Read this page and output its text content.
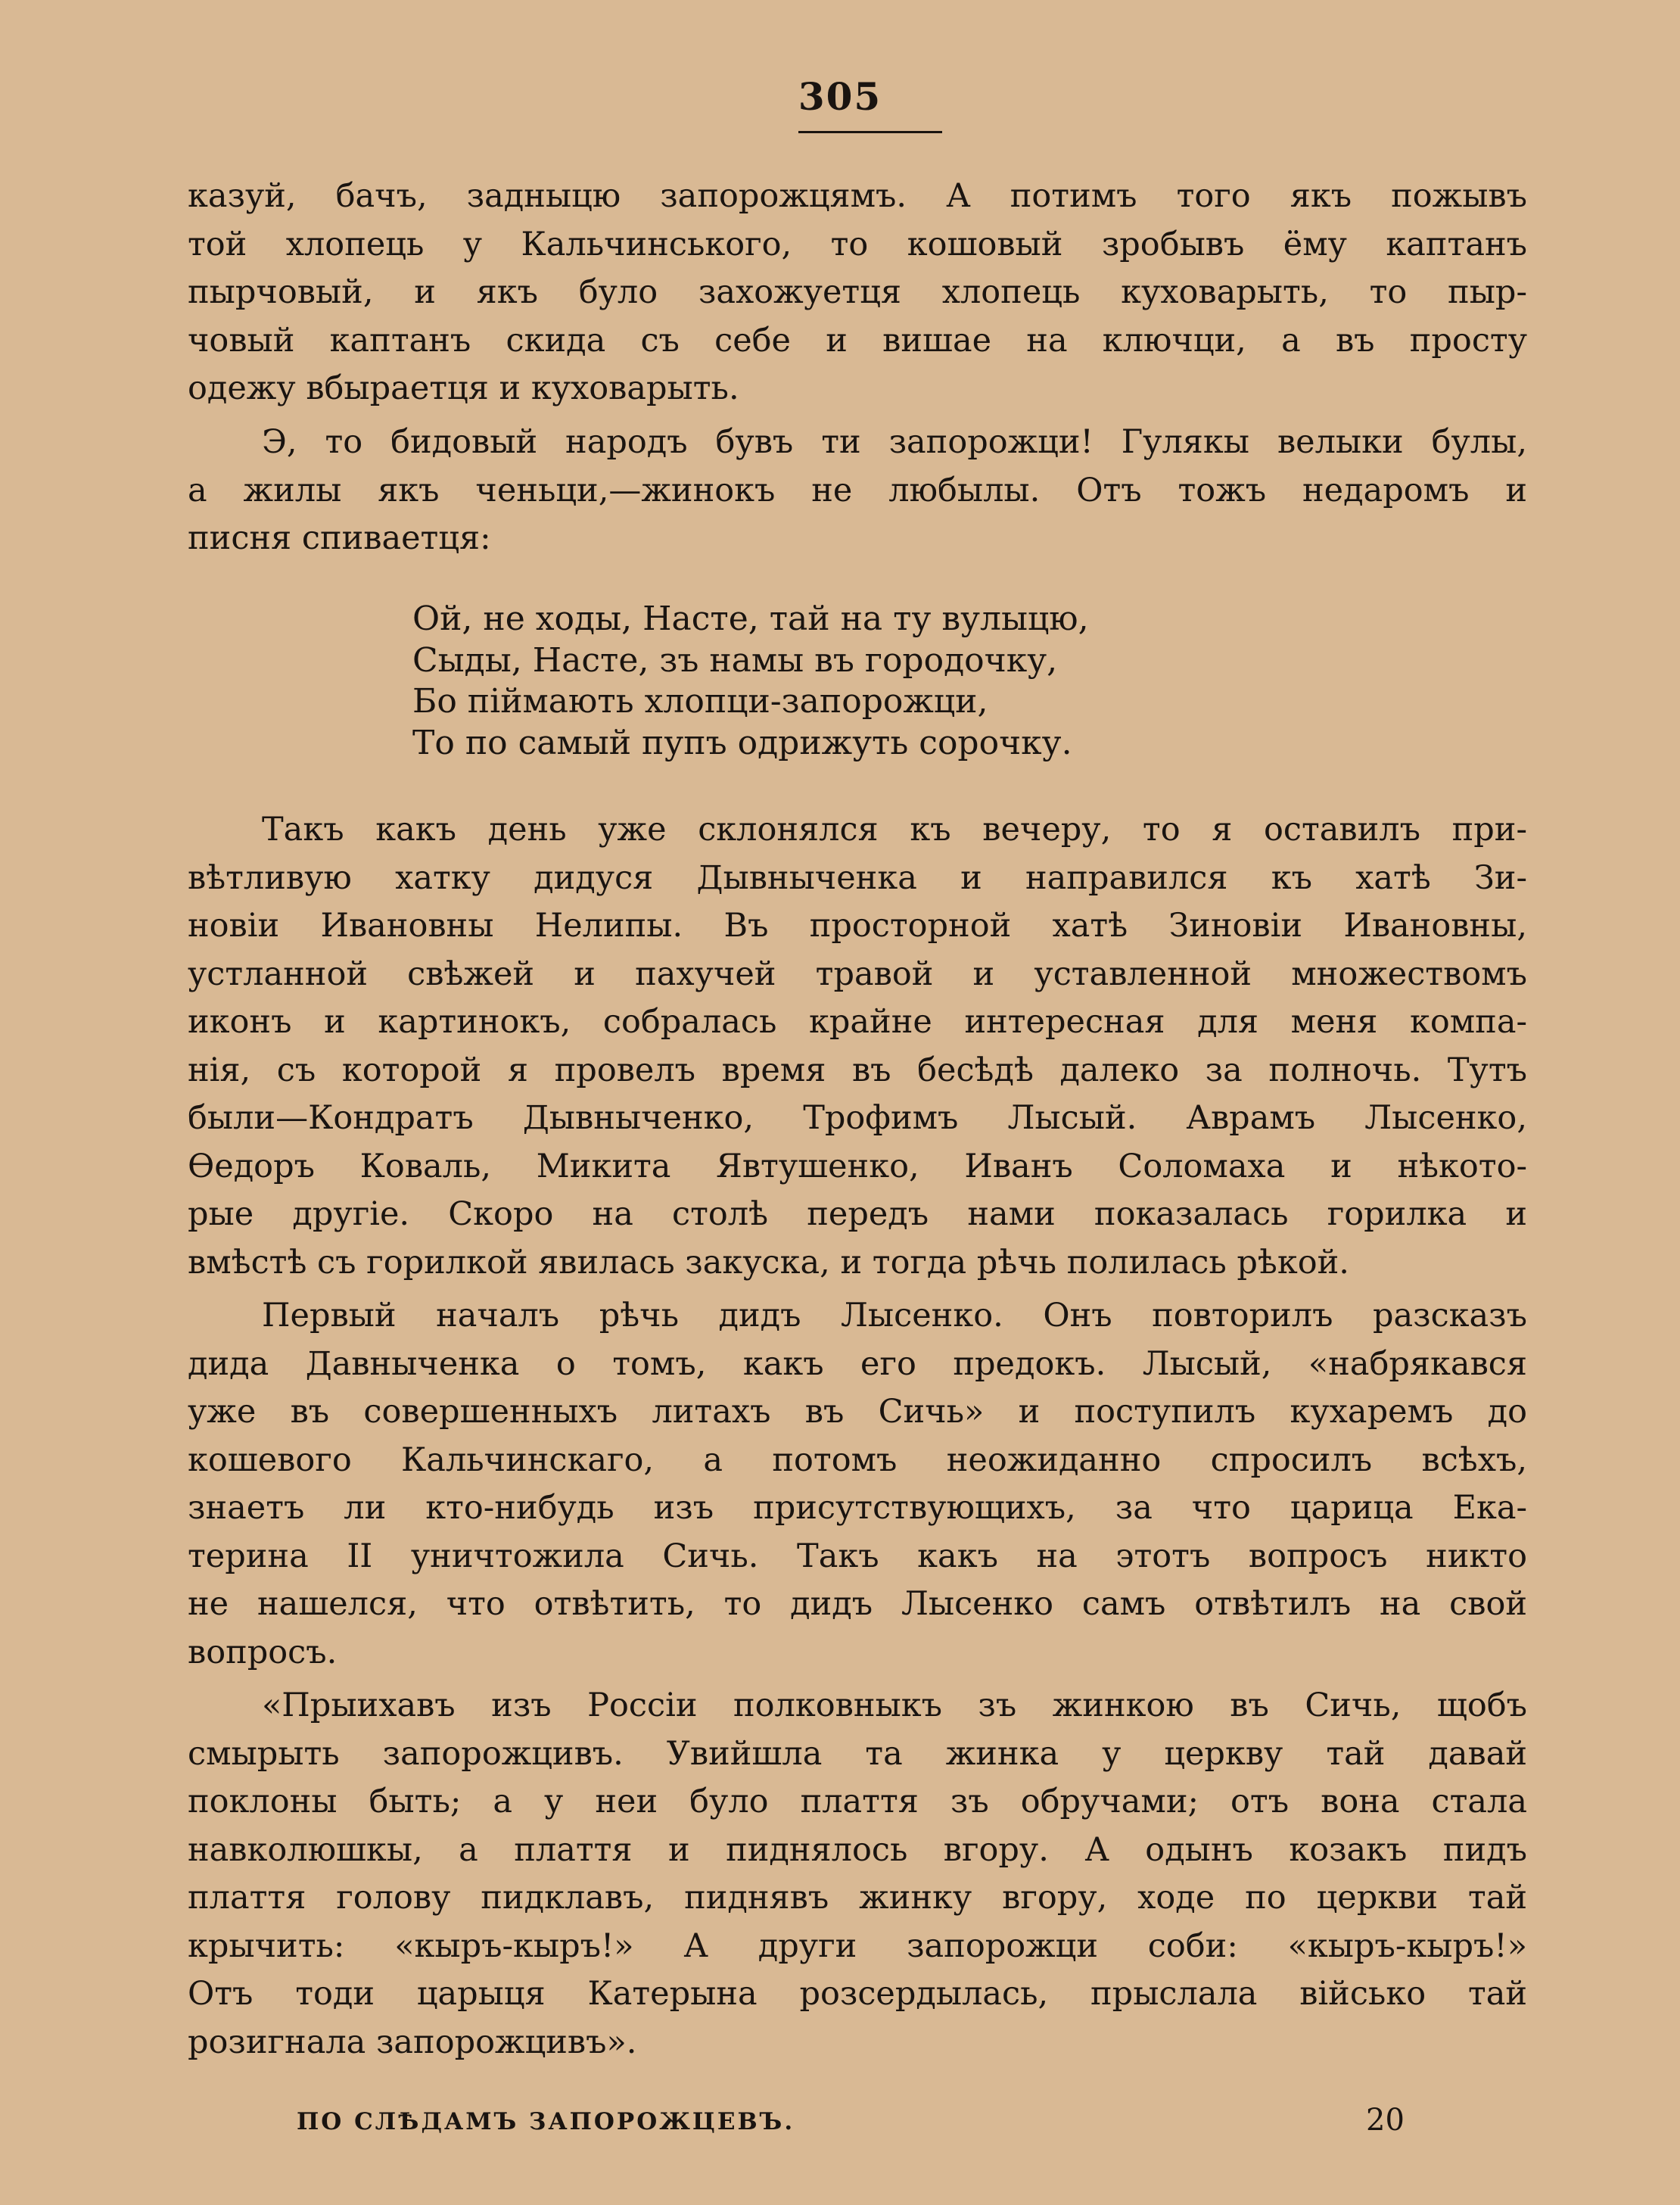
305
казуй, бачъ, задныцю запорожцямъ. А потимъ того якъ пожывъ
той хлопець у Кальчинського, то кошовый зробывъ ёму каптанъ
пырчовый, и якъ було захожуетця хлопець куховарыть, то пыр-
човый каптанъ скида съ себе и вишае на ключци, а въ просту
одежу вбыраетця и куховарыть.
Э, то бидовый народъ бувъ ти запорожци! Гулякы велыки булы,
а жилы якъ ченьци,—жинокъ не любылы. Отъ тожъ недаромъ и
писня спиваетця:
Ой, не ходы, Насте, тай на ту вулыцю,
Сыды, Насте, зъ намы въ городочку,
Бо піймають хлопци-запорожци,
То по самый пупъ одрижуть сорочку.
Такъ какъ день уже склонялся къ вечеру, то я оставилъ при-
вѣтливую хатку дидуся Дывныченка и направился къ хатѣ Зи-
новіи Ивановны Нелипы. Въ просторной хатѣ Зиновіи Ивановны,
устланной свѣжей и пахучей травой и уставленной множествомъ
иконъ и картинокъ, собралась крайне интересная для меня компа-
нія, съ которой я провелъ время въ бесѣдѣ далеко за полночь. Тутъ
были—Кондратъ Дывныченко, Трофимъ Лысый. Аврамъ Лысенко,
Ѳедоръ Коваль, Микита Явтушенко, Иванъ Соломаха и нѣкото-
рые другіе. Скоро на столѣ передъ нами показалась горилка и
вмѣстѣ съ горилкой явилась закуска, и тогда рѣчь полилась рѣкой.
Первый началъ рѣчь дидъ Лысенко. Онъ повторилъ разсказъ
дида Давныченка о томъ, какъ его предокъ. Лысый, «набрякався
уже въ совершенныхъ литахъ въ Сичь» и поступилъ кухаремъ до
кошевого Кальчинскаго, а потомъ неожиданно спросилъ всѣхъ,
знаетъ ли кто-нибудь изъ присутствующихъ, за что царица Ека-
терина II уничтожила Сичь. Такъ какъ на этотъ вопросъ никто
не нашелся, что отвѣтить, то дидъ Лысенко самъ отвѣтилъ на свой
вопросъ.
«Прыихавъ изъ Россіи полковныкъ зъ жинкою въ Сичь, щобъ
смырыть запорожцивъ. Увийшла та жинка у церкву тай давай
поклоны быть; а у неи було плаття зъ обручами; отъ вона стала
навколюшкы, а плаття и пиднялось вгору. А одынъ козакъ пидъ
плаття голову пидклавъ, пиднявъ жинку вгору, ходе по церкви тай
крычить: «кыръ-кыръ!» А други запорожци соби: «кыръ-кыръ!»
Отъ тоди царыця Катерына розсердылась, прыслала військо тай
розигнала запорожцивъ».
ПО СЛѢДАМЪ ЗАПОРОЖЦЕВЪ.	20
